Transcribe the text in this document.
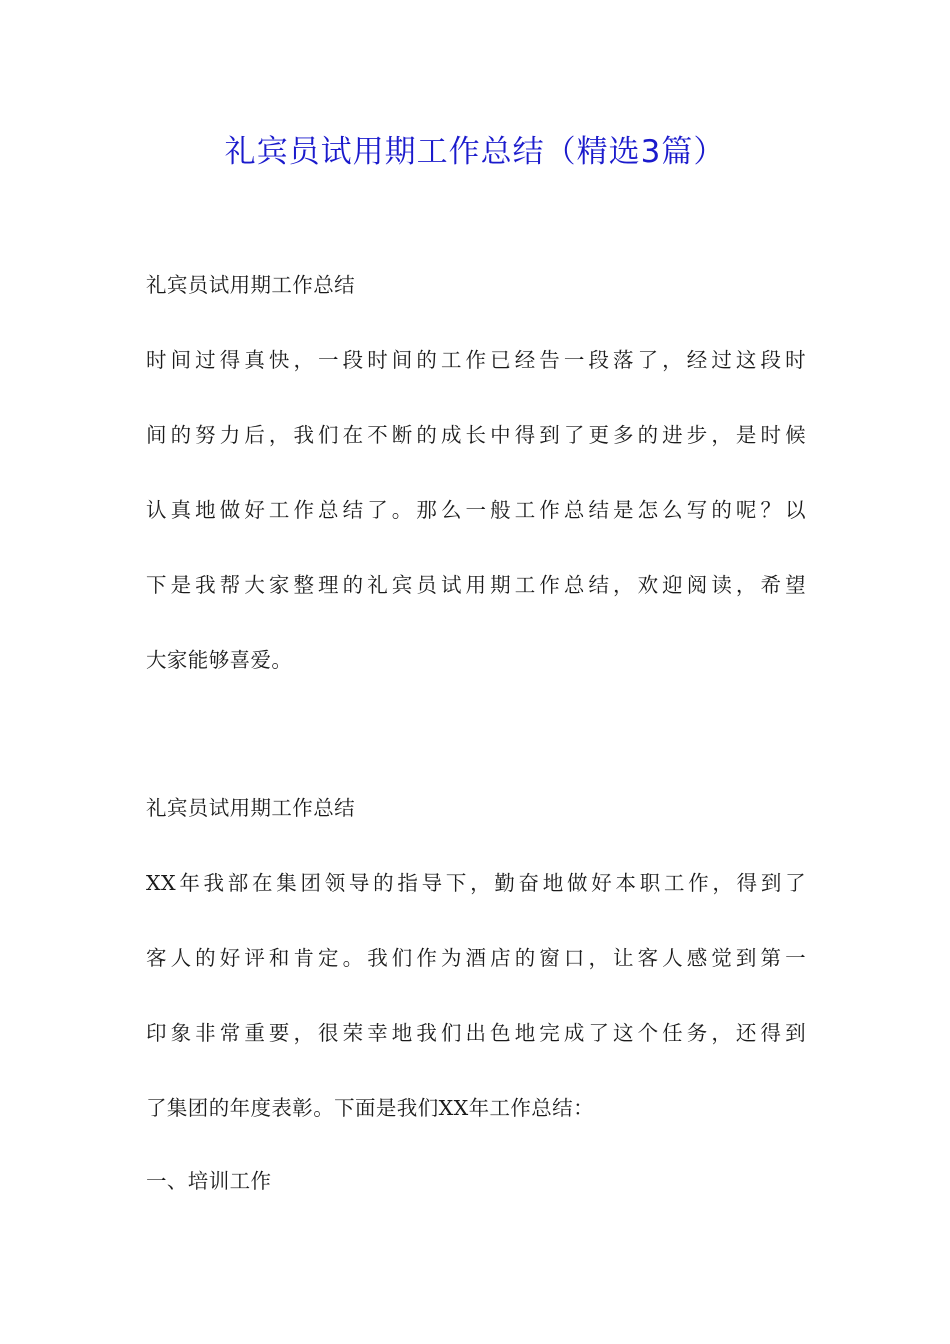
礼宾员试用期工作总结（精选3篇）

礼宾员试用期工作总结

时间过得真快，一段时间的工作已经告一段落了，经过这段时

间的努力后，我们在不断的成长中得到了更多的进步，是时候

认真地做好工作总结了。那么一般工作总结是怎么写的呢？以

下是我帮大家整理的礼宾员试用期工作总结，欢迎阅读，希望

大家能够喜爱。

礼宾员试用期工作总结

XX年我部在集团领导的指导下，勤奋地做好本职工作，得到了

客人的好评和肯定。我们作为酒店的窗口，让客人感觉到第一

印象非常重要，很荣幸地我们出色地完成了这个任务，还得到

了集团的年度表彰。下面是我们XX年工作总结：

一、培训工作
